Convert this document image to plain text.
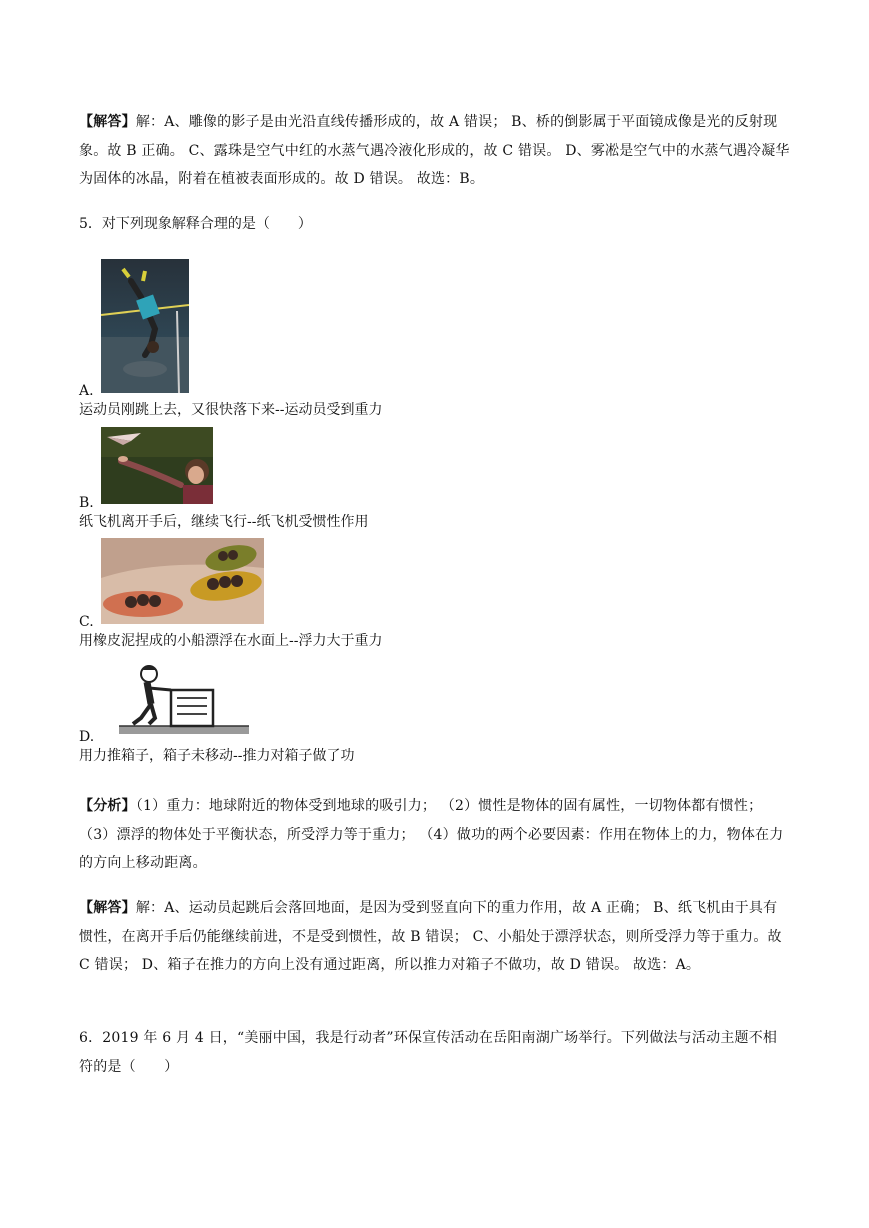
【解答】解：A、雕像的影子是由光沿直线传播形成的，故 A 错误； B、桥的倒影属于平面镜成像是光的反射现象。故 B 正确。 C、露珠是空气中红的水蒸气遇冷液化形成的，故 C 错误。 D、雾凇是空气中的水蒸气遇冷凝华为固体的冰晶，附着在植被表面形成的。故 D 错误。 故选：B。
5．对下列现象解释合理的是（　　）
A.
运动员刚跳上去，又很快落下来--运动员受到重力
B.
纸飞机离开手后，继续飞行--纸飞机受惯性作用
C.
用橡皮泥捏成的小船漂浮在水面上--浮力大于重力
D.
用力推箱子，箱子未移动--推力对箱子做了功
【分析】（1）重力：地球附近的物体受到地球的吸引力； （2）惯性是物体的固有属性，一切物体都有惯性； （3）漂浮的物体处于平衡状态，所受浮力等于重力； （4）做功的两个必要因素：作用在物体上的力，物体在力的方向上移动距离。
【解答】解：A、运动员起跳后会落回地面，是因为受到竖直向下的重力作用，故 A 正确； B、纸飞机由于具有惯性，在离开手后仍能继续前进，不是受到惯性，故 B 错误； C、小船处于漂浮状态，则所受浮力等于重力。故 C 错误； D、箱子在推力的方向上没有通过距离，所以推力对箱子不做功，故 D 错误。 故选：A。
6．2019 年 6 月 4 日，“美丽中国，我是行动者”环保宣传活动在岳阳南湖广场举行。下列做法与活动主题不相符的是（　　）
